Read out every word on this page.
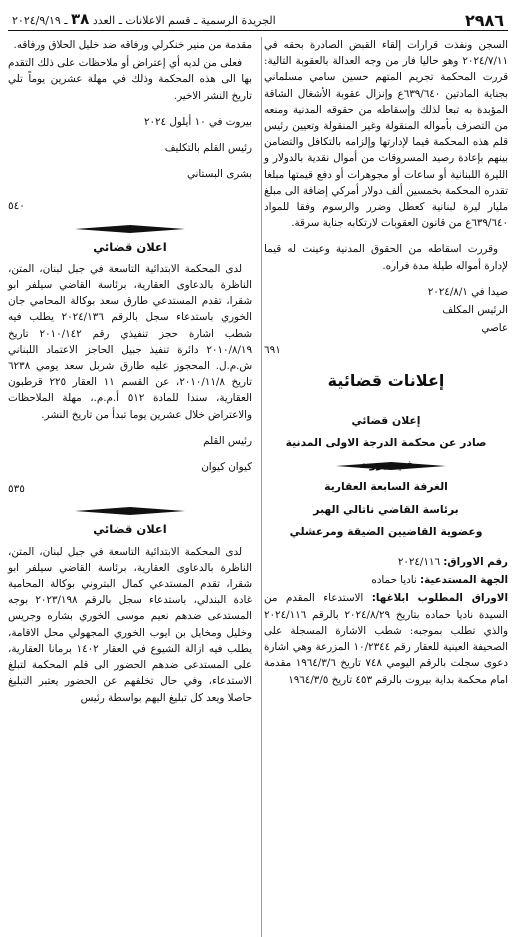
٢٩٨٦
الجريدة الرسمية ـ قسم الاعلانات ـ العدد ٣٨ ـ ٢٠٢٤/٩/١٩

السجن ونفذت قرارات إلقاء القبض الصادرة بحقه في ٢٠٢٤/٧/١١ وهو حاليا فار من وجه العدالة بالعقوبة التالية: قررت المحكمة تجريم المتهم حسين سامي مسلماني بجناية المادتين ٦٣٩/٦٤٠ع وإنزال عقوبة الأشغال الشاقة المؤبدة به تبعا لذلك وإسقاطه من حقوقه المدنية ومنعه من التصرف بأمواله المنقولة وغير المنقولة وتعيين رئيس قلم هذه المحكمة قيما لإدارتها وإلزامه بالتكافل والتضامن بينهم بإعادة رصيد المسروقات من أموال نقدية بالدولار و الليرة اللبنانية أو ساعات أو مجوهرات أو دفع قيمتها مبلغا تقدره المحكمة بخمسين ألف دولار أمركي إضافة الى مبلغ مليار ليرة لبنانية كعطل وضرر والرسوم وفقا للمواد ٦٣٩/٦٤٠ع من قانون العقوبات لارتكابه جناية سرقة.

وقررت اسقاطه من الحقوق المدنية وعينت له قيما لإدارة أمواله طيلة مدة فراره.

صيدا في ٢٠٢٤/٨/١

الرئيس المكلف

عاصي

٦٩١
إعلانات قضائية
إعلان قضائي
صادر عن محكمة الدرجة الاولى المدنية
الغرفة السابعة العقارية
برئاسة القاضي ناتالي الهبر
وعضوية القاضيين الضيقة ومرعشلي

رقم الاوراق: ٢٠٢٤/١١٦

الجهة المستدعية: ناديا حماده

الاوراق المطلوب ابلاغها: الاستدعاء المقدم من السيدة ناديا حماده بتاريخ ٢٠٢٤/٨/٢٩ بالرقم ٢٠٢٤/١١٦ والذي تطلب بموجبه: شطب الاشارة المسجلة على الصحيفة العينية للعقار رقم ١٠/٢٣٤٤ المزرعة وهي اشارة دعوى سجلت بالرقم اليومي ٧٤٨ تاريخ ١٩٦٤/٣/٦ مقدمة امام محكمة بداية بيروت بالرقم ٤٥٣ تاريخ ١٩٦٤/٣/٥

مقدمة من منير خنكرلي ورفاقه ضد خليل الحلاق ورفاقه.

فعلى من لديه أي إعتراض أو ملاحظات على ذلك التقدم بها الى هذه المحكمة وذلك في مهلة عشرين يوماً تلي تاريخ النشر الاخير.

بيروت في ١٠ أيلول ٢٠٢٤

رئيس القلم بالتكليف

بشرى البستاني

٥٤٠
اعلان قضائي

لدى المحكمة الابتدائية التاسعة في جبل لبنان، المتن، الناظرة بالدعاوى العقارية، برئاسة القاضي سيلفر ابو شقرا، تقدم المستدعي طارق سعد بوكالة المحامي جان الخوري باستدعاء سجل بالرقم ٢٠٢٤/١٣٦ يطلب فيه شطب اشارة حجز تنفيذي رقم ٢٠١٠/١٤٢ تاريخ ٢٠١٠/٨/١٩ دائرة تنفيذ جبيل الحاجز الاعتماد اللبناني ش.م.ل. المحجوز عليه طارق شربل سعد يومي ٦٢٣٨ تاريخ ٢٠١٠/١١/٨، عن القسم ١١ العقار ٢٢٥ قرطبون العقارية، سندا للمادة ٥١٢ أ.م.م.، مهلة الملاحظات والاعتراض خلال عشرين يوما تبدأ من تاريخ النشر.

رئيس القلم

كيوان كيوان

٥٣٥
اعلان قضائي

لدى المحكمة الابتدائية التاسعة في جبل لبنان، المتن، الناظرة بالدعاوى العقارية، برئاسة القاضي سيلفر ابو شقرا، تقدم المستدعي كمال البتروني بوكالة المحامية غادة البندلي، باستدعاء سجل بالرقم ٢٠٢٣/١٩٨ بوجه المستدعى ضدهم نعيم موسى الخوري بشاره وجريس وخليل ومخايل بن ايوب الخوري المجهولي محل الاقامة، يطلب فيه ازالة الشيوع في العقار ١٤٠٢ برمانا العقارية، على المستدعى ضدهم الحضور الى قلم المحكمة لتبلغ الاستدعاء، وفي حال تخلفهم عن الحضور يعتبر التبليغ حاصلا ويعد كل تبليغ اليهم بواسطة رئيس
